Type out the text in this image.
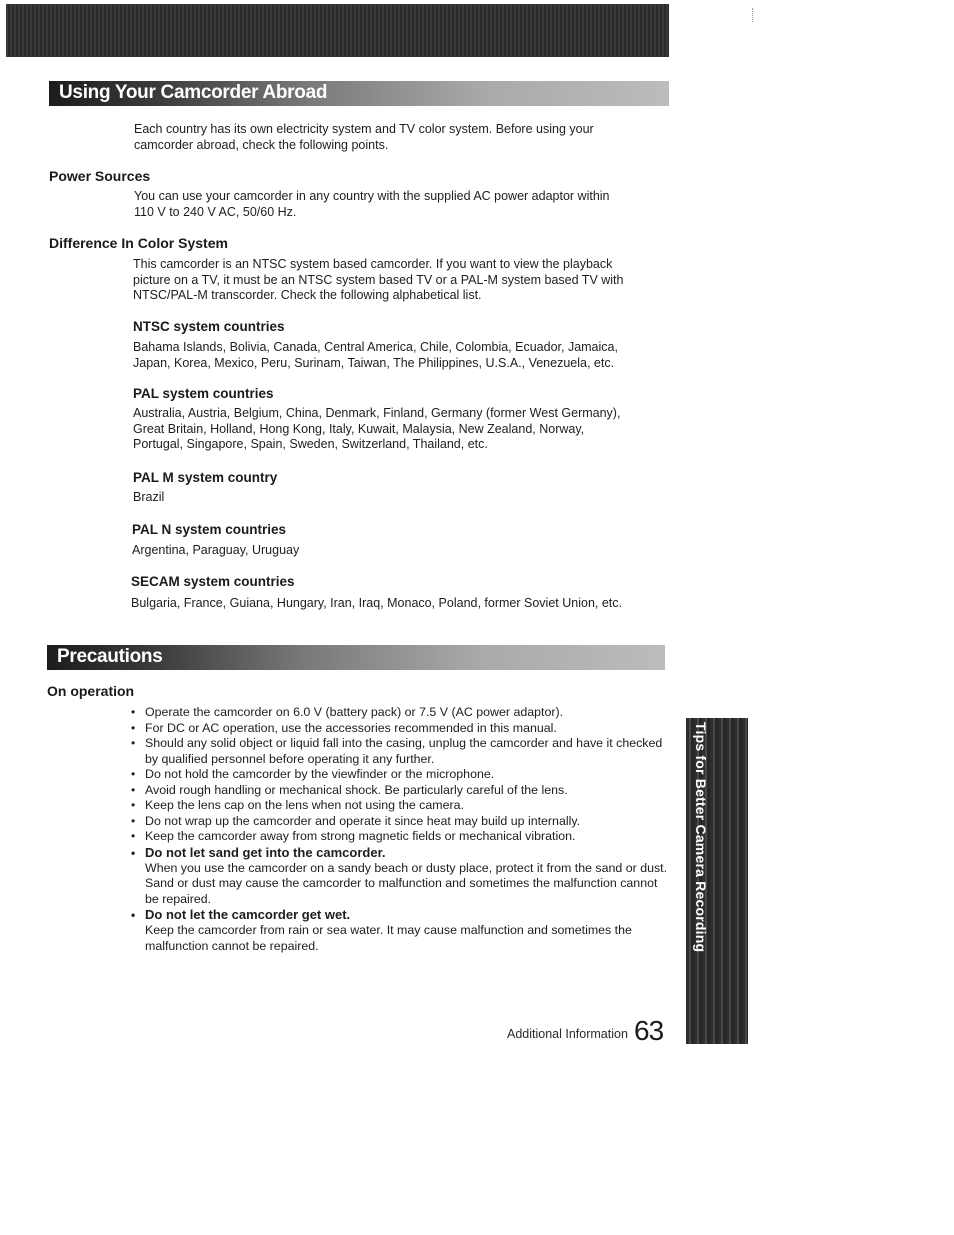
Using Your Camcorder Abroad

Each country has its own electricity system and TV color system. Before using your
camcorder abroad, check the following points.

Power Sources

You can use your camcorder in any country with the supplied AC power adaptor within
110 V to 240 V AC, 50/60 Hz.

Difference In Color System

This camcorder is an NTSC system based camcorder. If you want to view the playback
picture on a TV, it must be an NTSC system based TV or a PAL-M system based TV with
NTSC/PAL-M transcorder. Check the following alphabetical list.

NTSC system countries

Bahama Islands, Bolivia, Canada, Central America, Chile, Colombia, Ecuador, Jamaica,
Japan, Korea, Mexico, Peru, Surinam, Taiwan, The Philippines, U.S.A., Venezuela, etc.

PAL system countries

Australia, Austria, Belgium, China, Denmark, Finland, Germany (former West Germany),
Great Britain, Holland, Hong Kong, Italy, Kuwait, Malaysia, New Zealand, Norway,
Portugal, Singapore, Spain, Sweden, Switzerland, Thailand, etc.

PAL M system country

Brazil

PAL N system countries

Argentina, Paraguay, Uruguay

SECAM system countries

Bulgaria, France, Guiana, Hungary, Iran, Iraq, Monaco, Poland, former Soviet Union, etc.

Precautions
On operation
• Operate the camcorder on 6.0 V (battery pack) or 7.5 V (AC power adaptor).
• For DC or AC operation, use the accessories recommended in this manual.
• Should any solid object or liquid fall into the casing, unplug the camcorder and have it checked by qualified personnel before operating it any further.
• Do not hold the camcorder by the viewfinder or the microphone.
• Avoid rough handling or mechanical shock. Be particularly careful of the lens.
• Keep the lens cap on the lens when not using the camera.
• Do not wrap up the camcorder and operate it since heat may build up internally.
• Keep the camcorder away from strong magnetic fields or mechanical vibration.
• Do not let sand get into the camcorder.
When you use the camcorder on a sandy beach or dusty place, protect it from the sand or dust. Sand or dust may cause the camcorder to malfunction and sometimes the malfunction cannot be repaired.
• Do not let the camcorder get wet.
Keep the camcorder from rain or sea water. It may cause malfunction and sometimes the malfunction cannot be repaired.	Tips for Better Camera Recording
Additional Information 63
